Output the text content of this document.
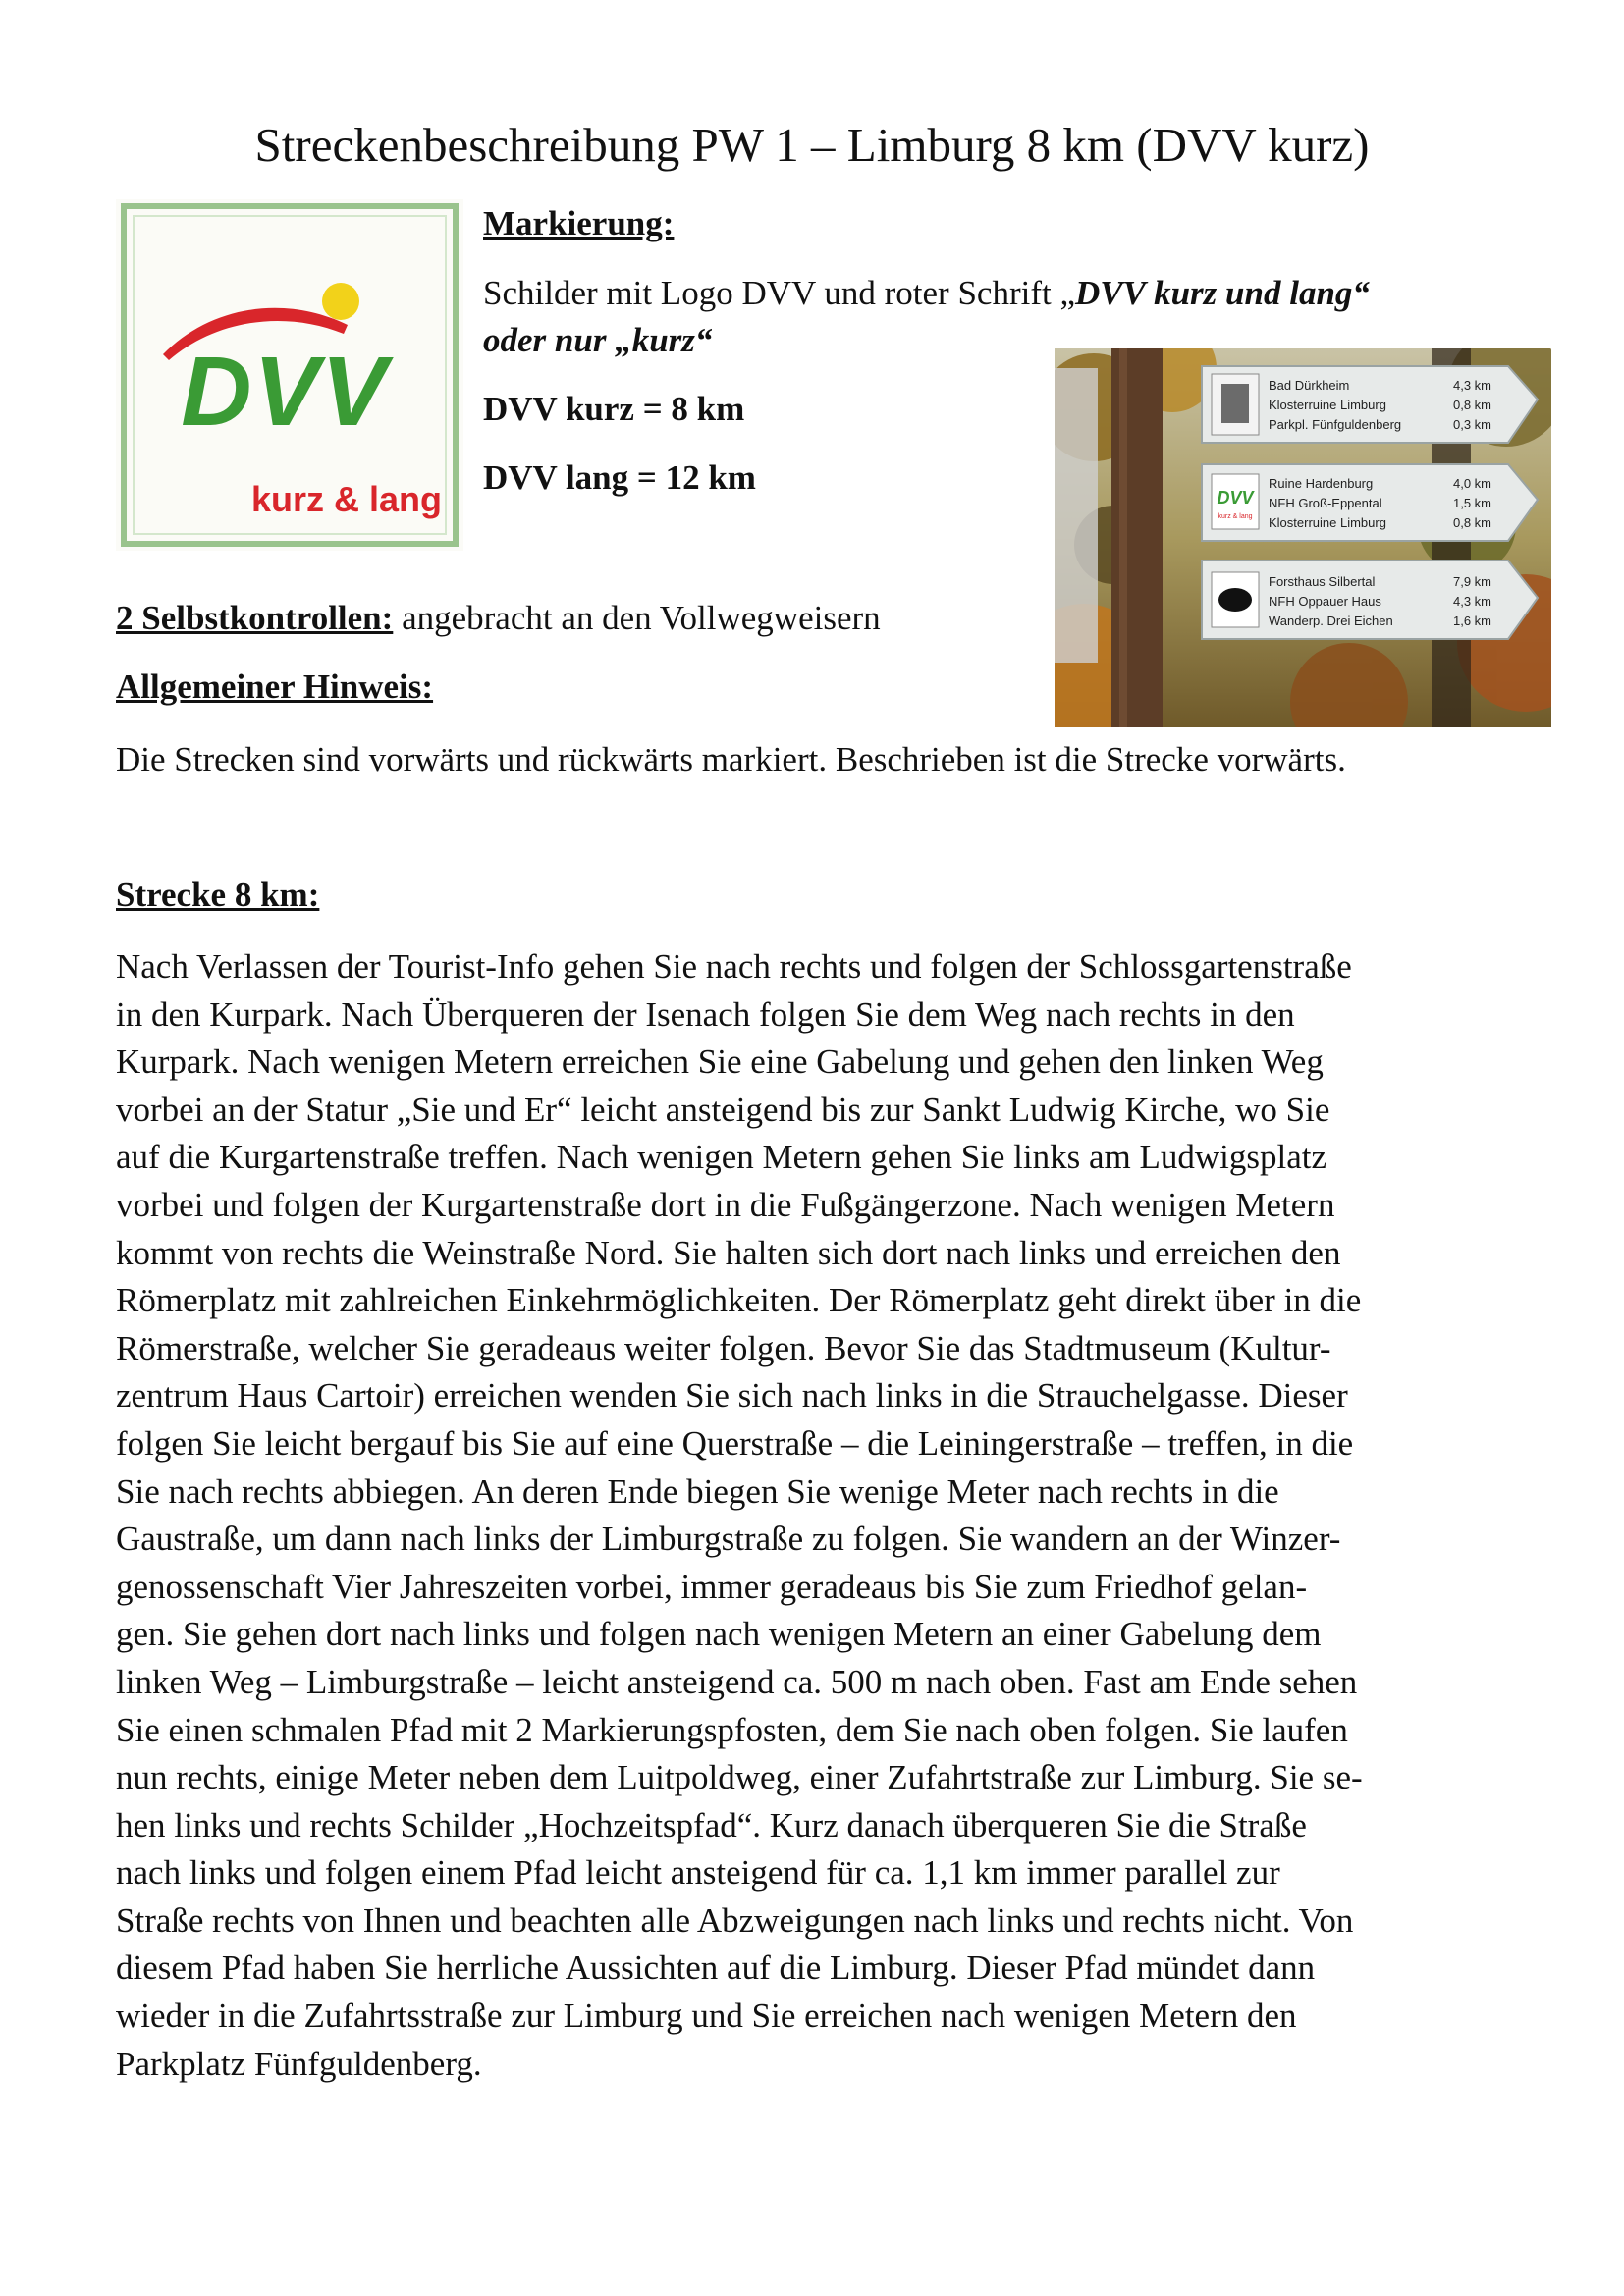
Streckenbeschreibung PW 1 – Limburg 8 km (DVV kurz)
DVV
kurz & lang

Markierung:

Schilder mit Logo DVV und roter Schrift „DVV kurz und lang“

oder nur „kurz“

DVV kurz = 8 km

DVV lang = 12 km

DVV
kurz & lang
Bad Dürkheim	4,3 km
Klosterruine Limburg	0,8 km
Parkpl. Fünfguldenberg	0,3 km
Ruine Hardenburg	4,0 km
NFH Groß-Eppental	1,5 km
Klosterruine Limburg	0,8 km
Forsthaus Silbertal	7,9 km
NFH Oppauer Haus	4,3 km
Wanderp. Drei Eichen	1,6 km

2 Selbstkontrollen: angebracht an den Vollwegweisern

Allgemeiner Hinweis:

Die Strecken sind vorwärts und rückwärts markiert. Beschrieben ist die Strecke vorwärts.

Strecke 8 km:

Nach Verlassen der Tourist-Info gehen Sie nach rechts und folgen der Schlossgartenstraße
in den Kurpark. Nach Überqueren der Isenach folgen Sie dem Weg nach rechts in den
Kurpark. Nach wenigen Metern erreichen Sie eine Gabelung und gehen den linken Weg
vorbei an der Statur „Sie und Er“ leicht ansteigend bis zur Sankt Ludwig Kirche, wo Sie
auf die Kurgartenstraße treffen. Nach wenigen Metern gehen Sie links am Ludwigsplatz
vorbei und folgen der Kurgartenstraße dort in die Fußgängerzone. Nach wenigen Metern
kommt von rechts die Weinstraße Nord. Sie halten sich dort nach links und erreichen den
Römerplatz mit zahlreichen Einkehrmöglichkeiten. Der Römerplatz geht direkt über in die
Römerstraße, welcher Sie geradeaus weiter folgen. Bevor Sie das Stadtmuseum (Kultur-
zentrum Haus Cartoir) erreichen wenden Sie sich nach links in die Strauchelgasse. Dieser
folgen Sie leicht bergauf bis Sie auf eine Querstraße – die Leiningerstraße – treffen, in die
Sie nach rechts abbiegen. An deren Ende biegen Sie wenige Meter nach rechts in die
Gaustraße, um dann nach links der Limburgstraße zu folgen. Sie wandern an der Winzer-
genossenschaft Vier Jahreszeiten vorbei, immer geradeaus bis Sie zum Friedhof gelan-
gen. Sie gehen dort nach links und folgen nach wenigen Metern an einer Gabelung dem
linken Weg – Limburgstraße – leicht ansteigend ca. 500 m nach oben. Fast am Ende sehen
Sie einen schmalen Pfad mit 2 Markierungspfosten, dem Sie nach oben folgen. Sie laufen
nun rechts, einige Meter neben dem Luitpoldweg, einer Zufahrtstraße zur Limburg. Sie se-
hen links und rechts Schilder „Hochzeitspfad“. Kurz danach überqueren Sie die Straße
nach links und folgen einem Pfad leicht ansteigend für ca. 1,1 km immer parallel zur
Straße rechts von Ihnen und beachten alle Abzweigungen nach links und rechts nicht. Von
diesem Pfad haben Sie herrliche Aussichten auf die Limburg. Dieser Pfad mündet dann
wieder in die Zufahrtsstraße zur Limburg und Sie erreichen nach wenigen Metern den
Parkplatz Fünfguldenberg.
